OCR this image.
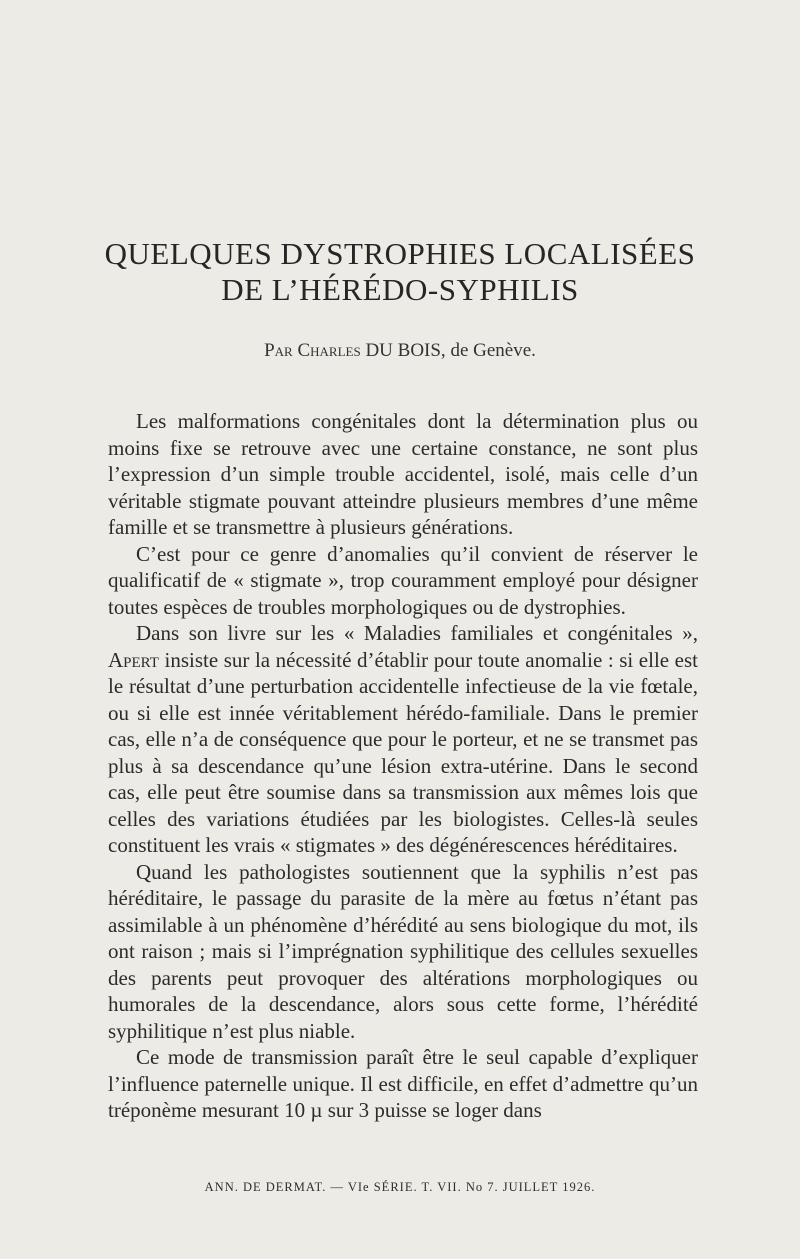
QUELQUES DYSTROPHIES LOCALISÉES
DE L’HÉRÉDO-SYPHILIS
Par Charles DU BOIS, de Genève.

Les malformations congénitales dont la détermination plus ou moins fixe se retrouve avec une certaine constance, ne sont plus l’expression d’un simple trouble accidentel, isolé, mais celle d’un véritable stigmate pouvant atteindre plusieurs membres d’une même famille et se transmettre à plusieurs générations.

C’est pour ce genre d’anomalies qu’il convient de réserver le qualificatif de « stigmate », trop couramment employé pour désigner toutes espèces de troubles morphologiques ou de dystrophies.

Dans son livre sur les « Maladies familiales et congénitales », Apert insiste sur la nécessité d’établir pour toute anomalie : si elle est le résultat d’une perturbation accidentelle infectieuse de la vie fœtale, ou si elle est innée véritablement hérédo-familiale. Dans le premier cas, elle n’a de conséquence que pour le porteur, et ne se transmet pas plus à sa descendance qu’une lésion extra-utérine. Dans le second cas, elle peut être soumise dans sa transmission aux mêmes lois que celles des variations étudiées par les biologistes. Celles-là seules constituent les vrais « stigmates » des dégénérescences héréditaires.

Quand les pathologistes soutiennent que la syphilis n’est pas héréditaire, le passage du parasite de la mère au fœtus n’étant pas assimilable à un phénomène d’hérédité au sens biologique du mot, ils ont raison ; mais si l’imprégnation syphilitique des cellules sexuelles des parents peut provoquer des altérations morphologiques ou humorales de la descendance, alors sous cette forme, l’hérédité syphilitique n’est plus niable.

Ce mode de transmission paraît être le seul capable d’expliquer l’influence paternelle unique. Il est difficile, en effet d’admettre qu’un tréponème mesurant 10 µ sur 3 puisse se loger dans

ANN. DE DERMAT. — VIe SÉRIE. T. VII. No 7. JUILLET 1926.
